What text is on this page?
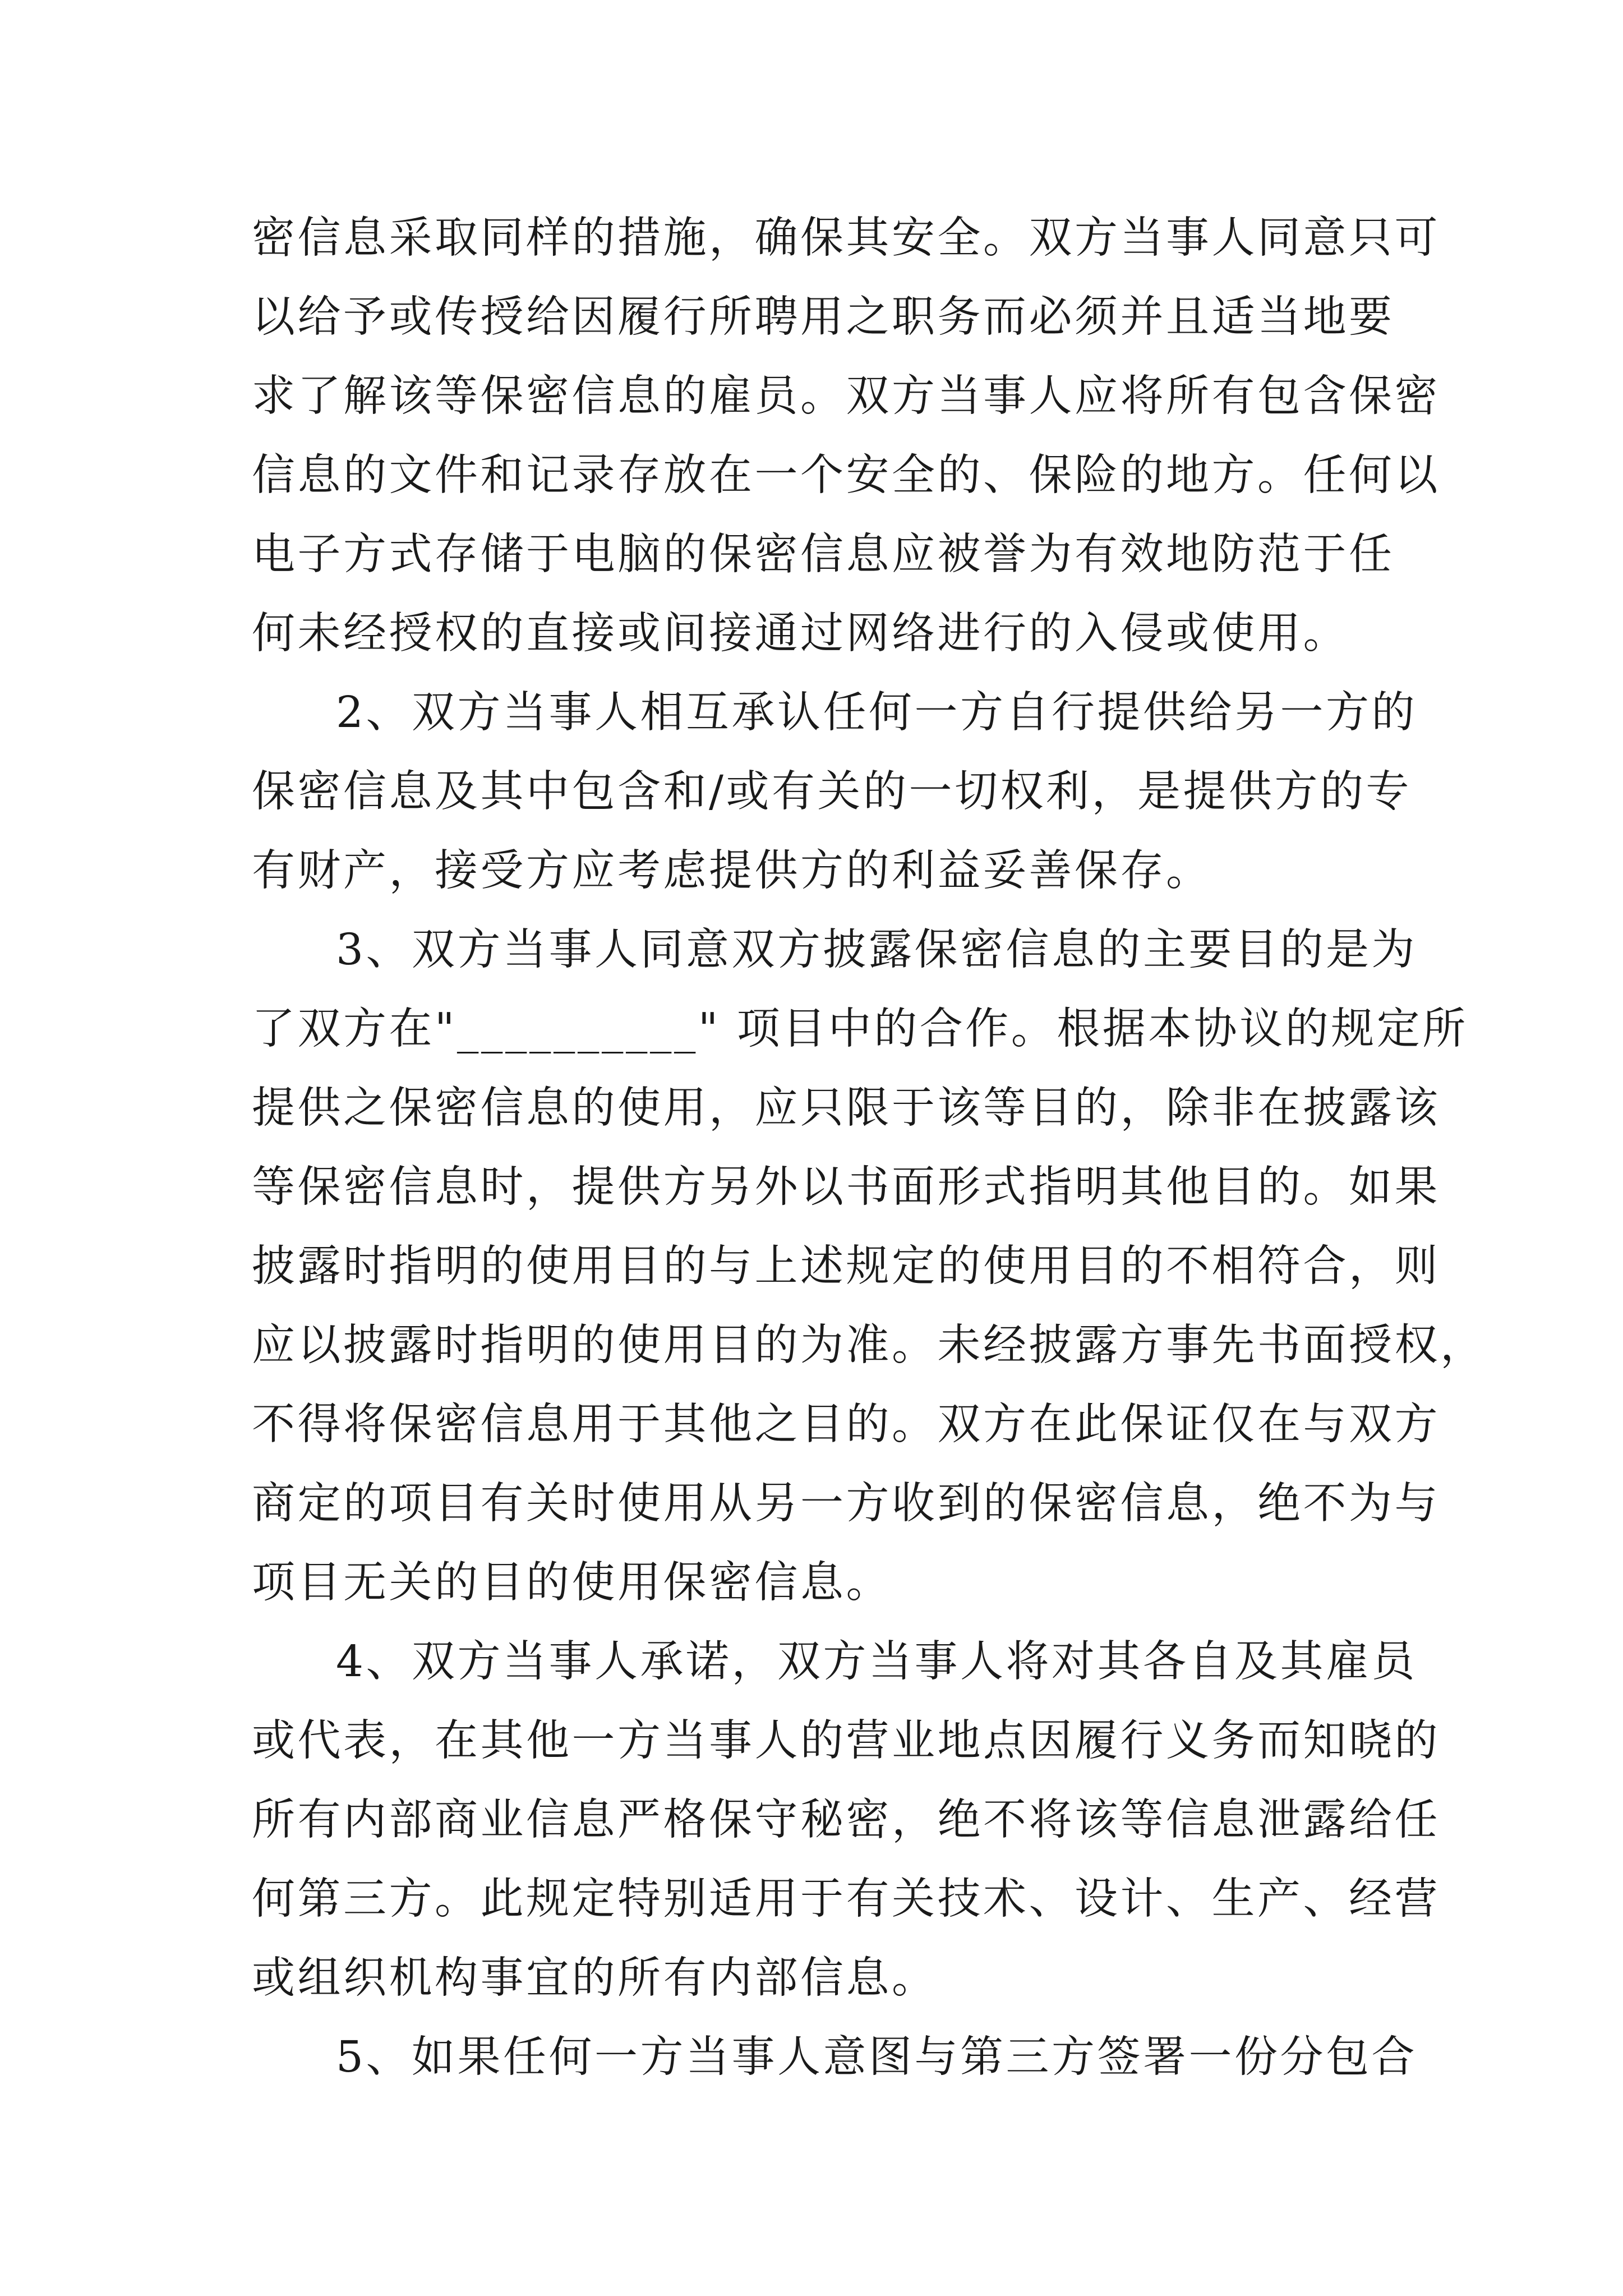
密信息采取同样的措施，确保其安全。双方当事人同意只可
以给予或传授给因履行所聘用之职务而必须并且适当地要
求了解该等保密信息的雇员。双方当事人应将所有包含保密
信息的文件和记录存放在一个安全的、保险的地方。任何以
电子方式存储于电脑的保密信息应被誉为有效地防范于任
何未经授权的直接或间接通过网络进行的入侵或使用。
2、双方当事人相互承认任何一方自行提供给另一方的
保密信息及其中包含和/或有关的一切权利，是提供方的专
有财产，接受方应考虑提供方的利益妥善保存。
3、双方当事人同意双方披露保密信息的主要目的是为
了双方在"__________" 项目中的合作。根据本协议的规定所
提供之保密信息的使用，应只限于该等目的，除非在披露该
等保密信息时，提供方另外以书面形式指明其他目的。如果
披露时指明的使用目的与上述规定的使用目的不相符合，则
应以披露时指明的使用目的为准。未经披露方事先书面授权，
不得将保密信息用于其他之目的。双方在此保证仅在与双方
商定的项目有关时使用从另一方收到的保密信息，绝不为与
项目无关的目的使用保密信息。
4、双方当事人承诺，双方当事人将对其各自及其雇员
或代表，在其他一方当事人的营业地点因履行义务而知晓的
所有内部商业信息严格保守秘密，绝不将该等信息泄露给任
何第三方。此规定特别适用于有关技术、设计、生产、经营
或组织机构事宜的所有内部信息。
5、如果任何一方当事人意图与第三方签署一份分包合
